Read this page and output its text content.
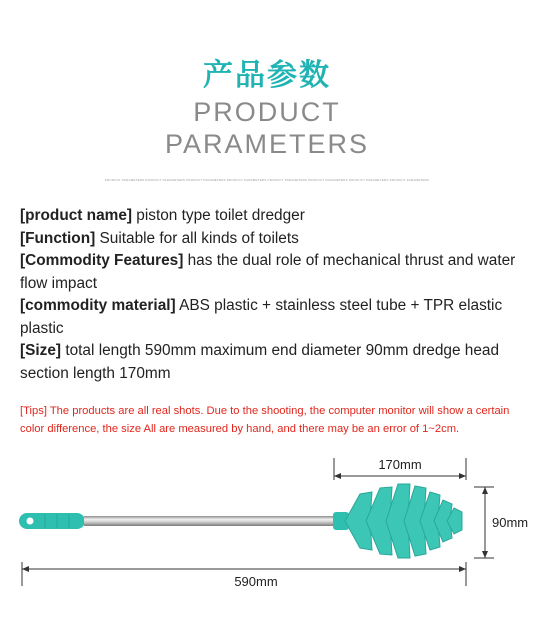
产品参数
PRODUCT
PARAMETERS
PRODUCT PARAMETERS PRODUCT PARAMETERS PRODUCT PARAMETERS PRODUCT PARAMETERS PRODUCT PARAMETERS PRODUCT PARAMETERS PRODUCT PARAMETERS PRODUCT PARAMETERS
[product name] piston type toilet dredger
[Function] Suitable for all kinds of toilets
[Commodity Features] has the dual role of mechanical thrust and water flow impact
[commodity material] ABS plastic + stainless steel tube + TPR elastic plastic
[Size] total length 590mm maximum end diameter 90mm dredge head section length 170mm
[Tips] The products are all real shots. Due to the shooting, the computer monitor will show a certain color difference, the size All are measured by hand, and there may be an error of 1~2cm.
170mm
90mm
590mm
